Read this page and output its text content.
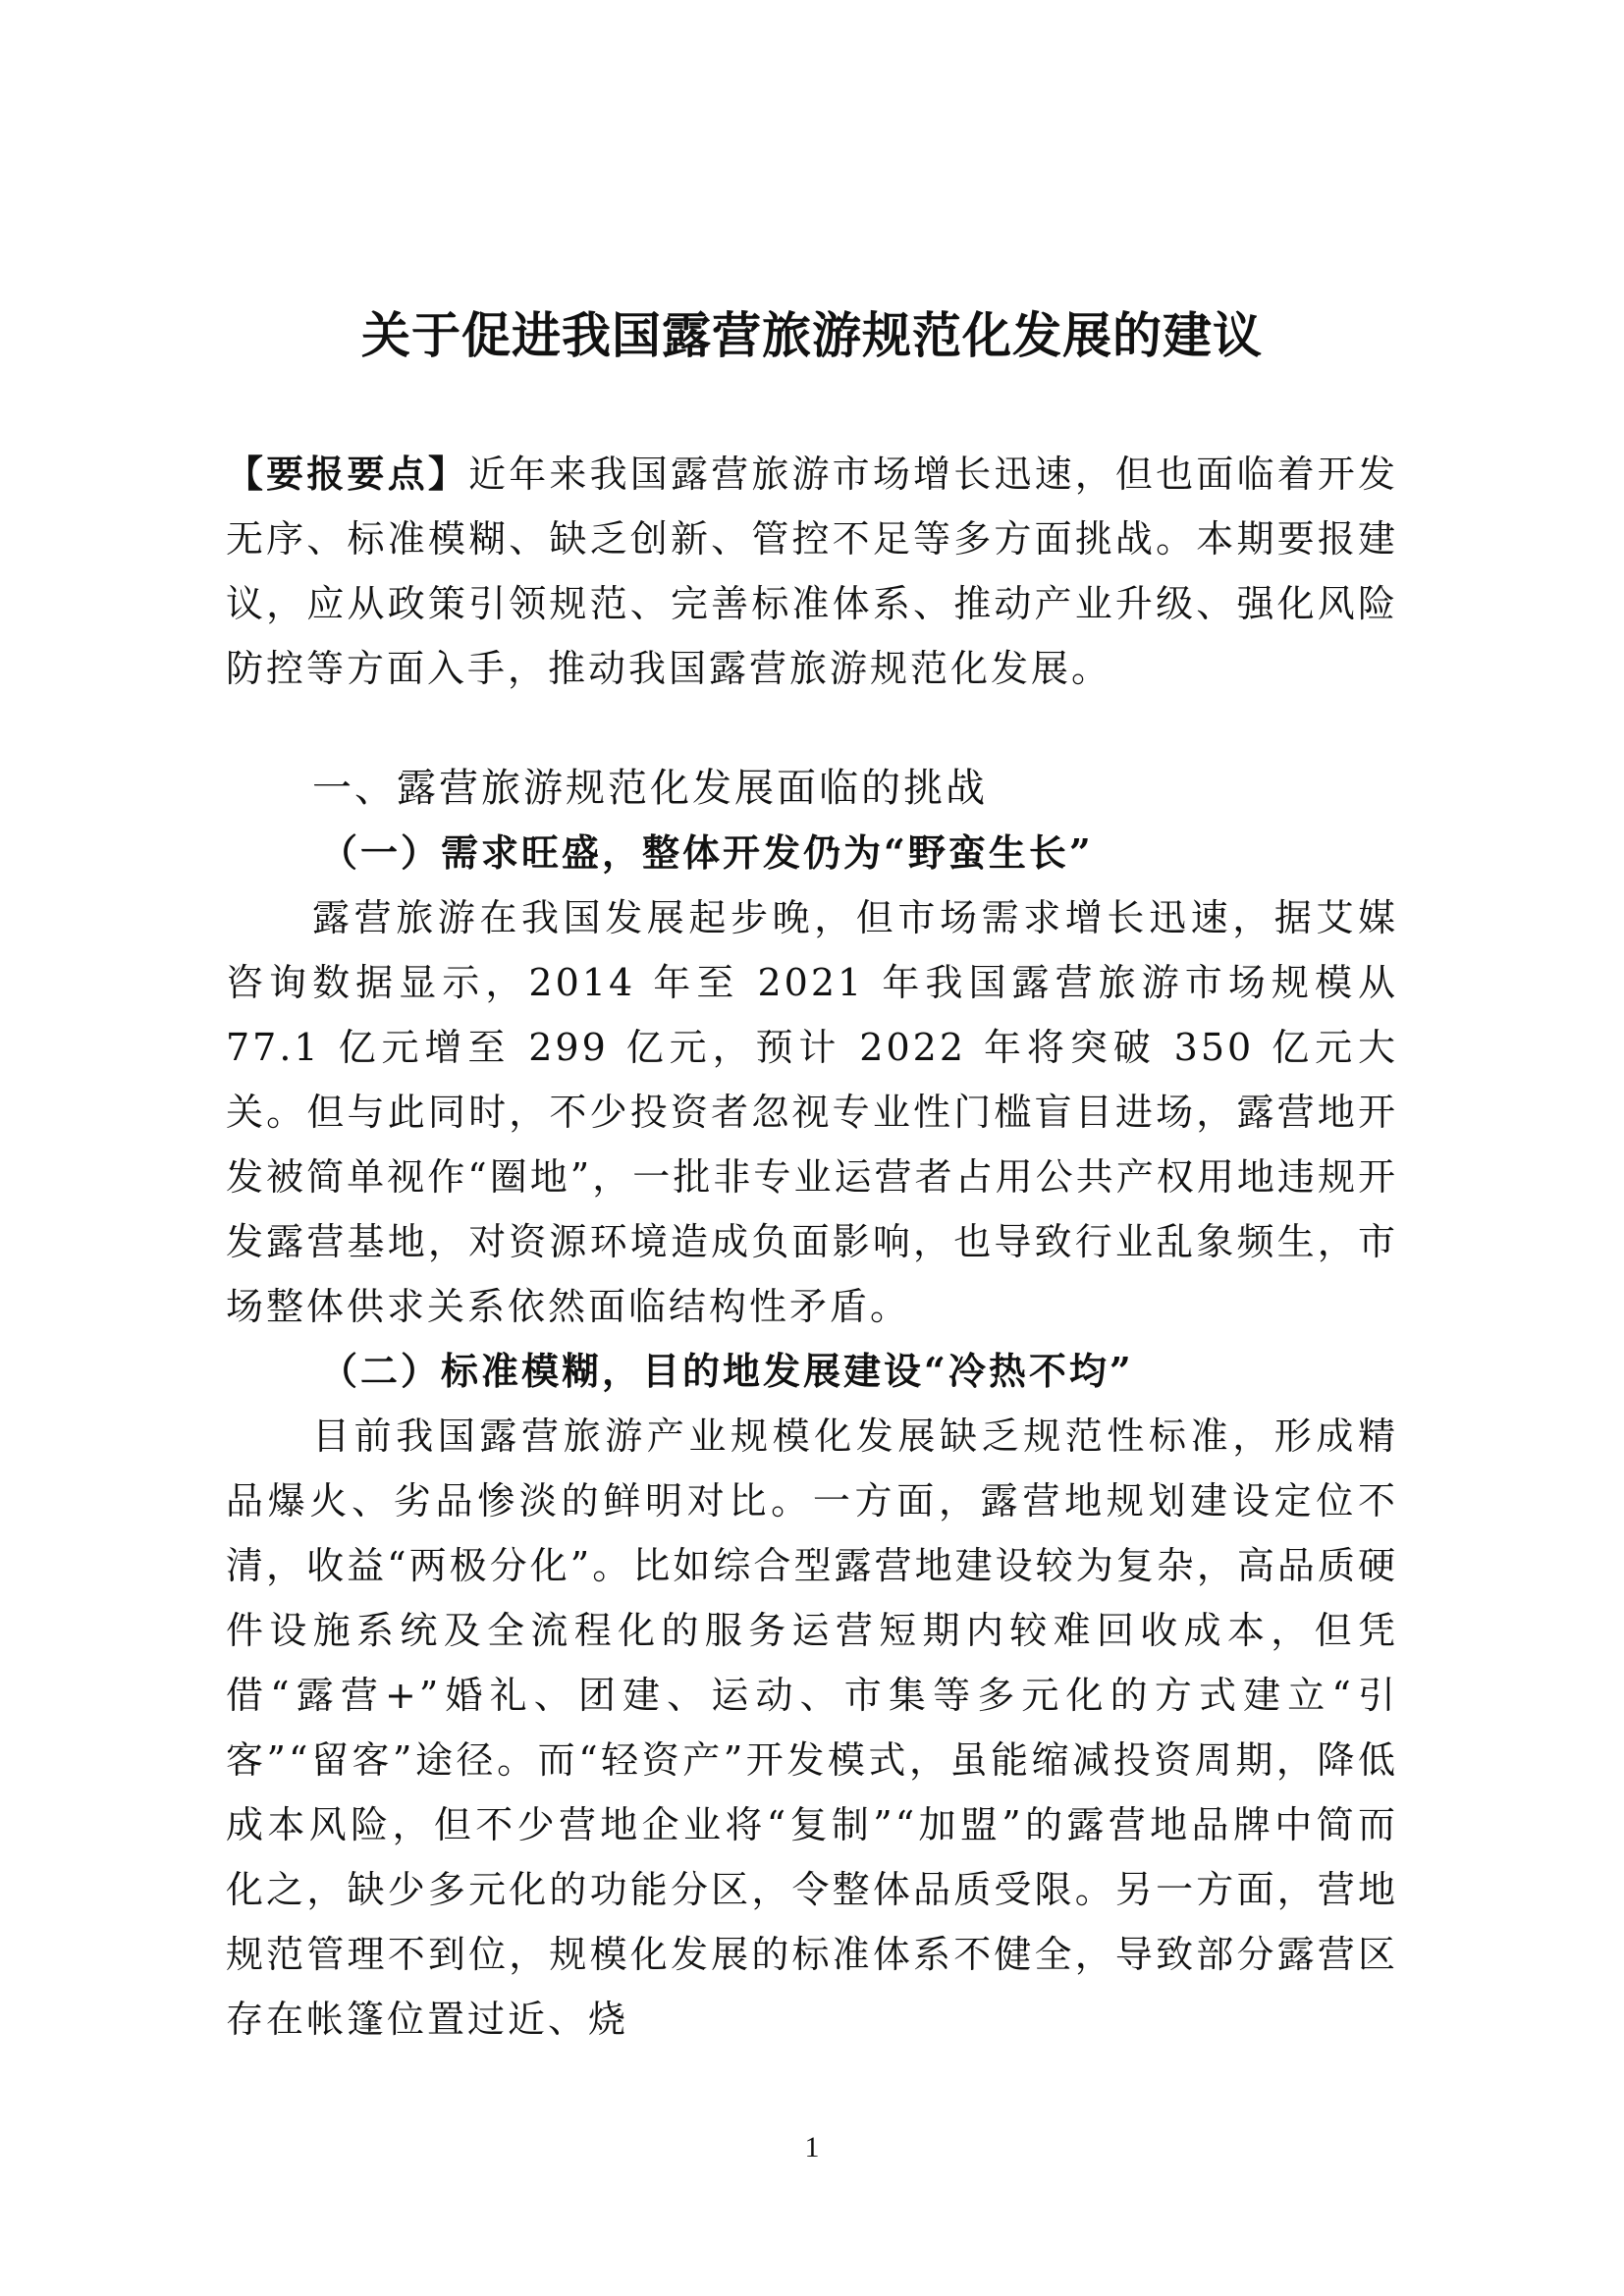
关于促进我国露营旅游规范化发展的建议
【要报要点】近年来我国露营旅游市场增长迅速，但也面临着开发无序、标准模糊、缺乏创新、管控不足等多方面挑战。本期要报建议，应从政策引领规范、完善标准体系、推动产业升级、强化风险防控等方面入手，推动我国露营旅游规范化发展。
一、露营旅游规范化发展面临的挑战
（一）需求旺盛，整体开发仍为“野蛮生长”

露营旅游在我国发展起步晚，但市场需求增长迅速，据艾媒咨询数据显示，2014 年至 2021 年我国露营旅游市场规模从 77.1 亿元增至 299 亿元，预计 2022 年将突破 350 亿元大关。但与此同时，不少投资者忽视专业性门槛盲目进场，露营地开发被简单视作“圈地”，一批非专业运营者占用公共产权用地违规开发露营基地，对资源环境造成负面影响，也导致行业乱象频生，市场整体供求关系依然面临结构性矛盾。

（二）标准模糊，目的地发展建设“冷热不均”

目前我国露营旅游产业规模化发展缺乏规范性标准，形成精品爆火、劣品惨淡的鲜明对比。一方面，露营地规划建设定位不清，收益“两极分化”。比如综合型露营地建设较为复杂，高品质硬件设施系统及全流程化的服务运营短期内较难回收成本，但凭借“露营+”婚礼、团建、运动、市集等多元化的方式建立“引客”“留客”途径。而“轻资产”开发模式，虽能缩减投资周期，降低成本风险，但不少营地企业将“复制”“加盟”的露营地品牌中简而化之，缺少多元化的功能分区，令整体品质受限。另一方面，营地规范管理不到位，规模化发展的标准体系不健全，导致部分露营区存在帐篷位置过近、烧

1
